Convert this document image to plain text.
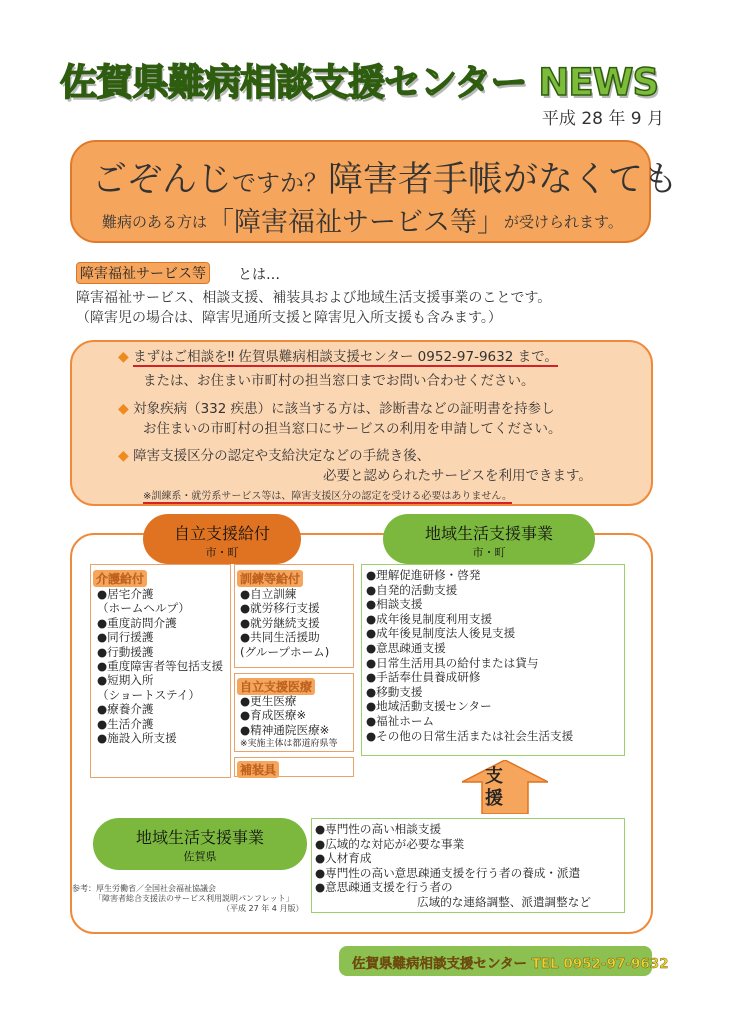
佐賀県難病相談支援センター NEWS
平成 28 年 9 月
ごぞんじですか？障害者手帳がなくても
難病のある方は「障害福祉サービス等」が受けられます。
障害福祉サービス等 とは…
障害福祉サービス、相談支援、補装具および地域生活支援事業のことです。
（障害児の場合は、障害児通所支援と障害児入所支援も含みます。）
◆ まずはご相談を‼ 佐賀県難病相談支援センター 0952-97-9632 まで。
または、お住まい市町村の担当窓口までお問い合わせください。
◆ 対象疾病（332 疾患）に該当する方は、診断書などの証明書を持参し
お住まいの市町村の担当窓口にサービスの利用を申請してください。
◆ 障害支援区分の認定や支給決定などの手続き後、
必要と認められたサービスを利用できます。
※訓練系・就労系サービス等は、障害支援区分の認定を受ける必要はありません。
自立支援給付
市・町
地域生活支援事業
市・町
介護給付
●居宅介護
（ホームヘルプ）
●重度訪問介護
●同行援護
●行動援護
●重度障害者等包括支援
●短期入所
（ショートステイ）
●療養介護
●生活介護
●施設入所支援
訓練等給付
●自立訓練
●就労移行支援
●就労継続支援
●共同生活援助
(グループホーム)
自立支援医療
●更生医療
●育成医療※
●精神通院医療※
※実施主体は都道府県等
補装具
●理解促進研修・啓発
●自発的活動支援
●相談支援
●成年後見制度利用支援
●成年後見制度法人後見支援
●意思疎通支援
●日常生活用具の給付または貸与
●手話奉仕員養成研修
●移動支援
●地域活動支援センター
●福祉ホーム
●その他の日常生活または社会生活支援
支援
地域生活支援事業
佐賀県
●専門性の高い相談支援
●広域的な対応が必要な事業
●人材育成
●専門性の高い意思疎通支援を行う者の養成・派遣
●意思疎通支援を行う者の
広域的な連絡調整、派遣調整など
参考：厚生労働省／全国社会福祉協議会
「障害者総合支援法のサービス利用説明パンフレット」
（平成 27 年 4 月版）
佐賀県難病相談支援センター TEL 0952-97-9632
